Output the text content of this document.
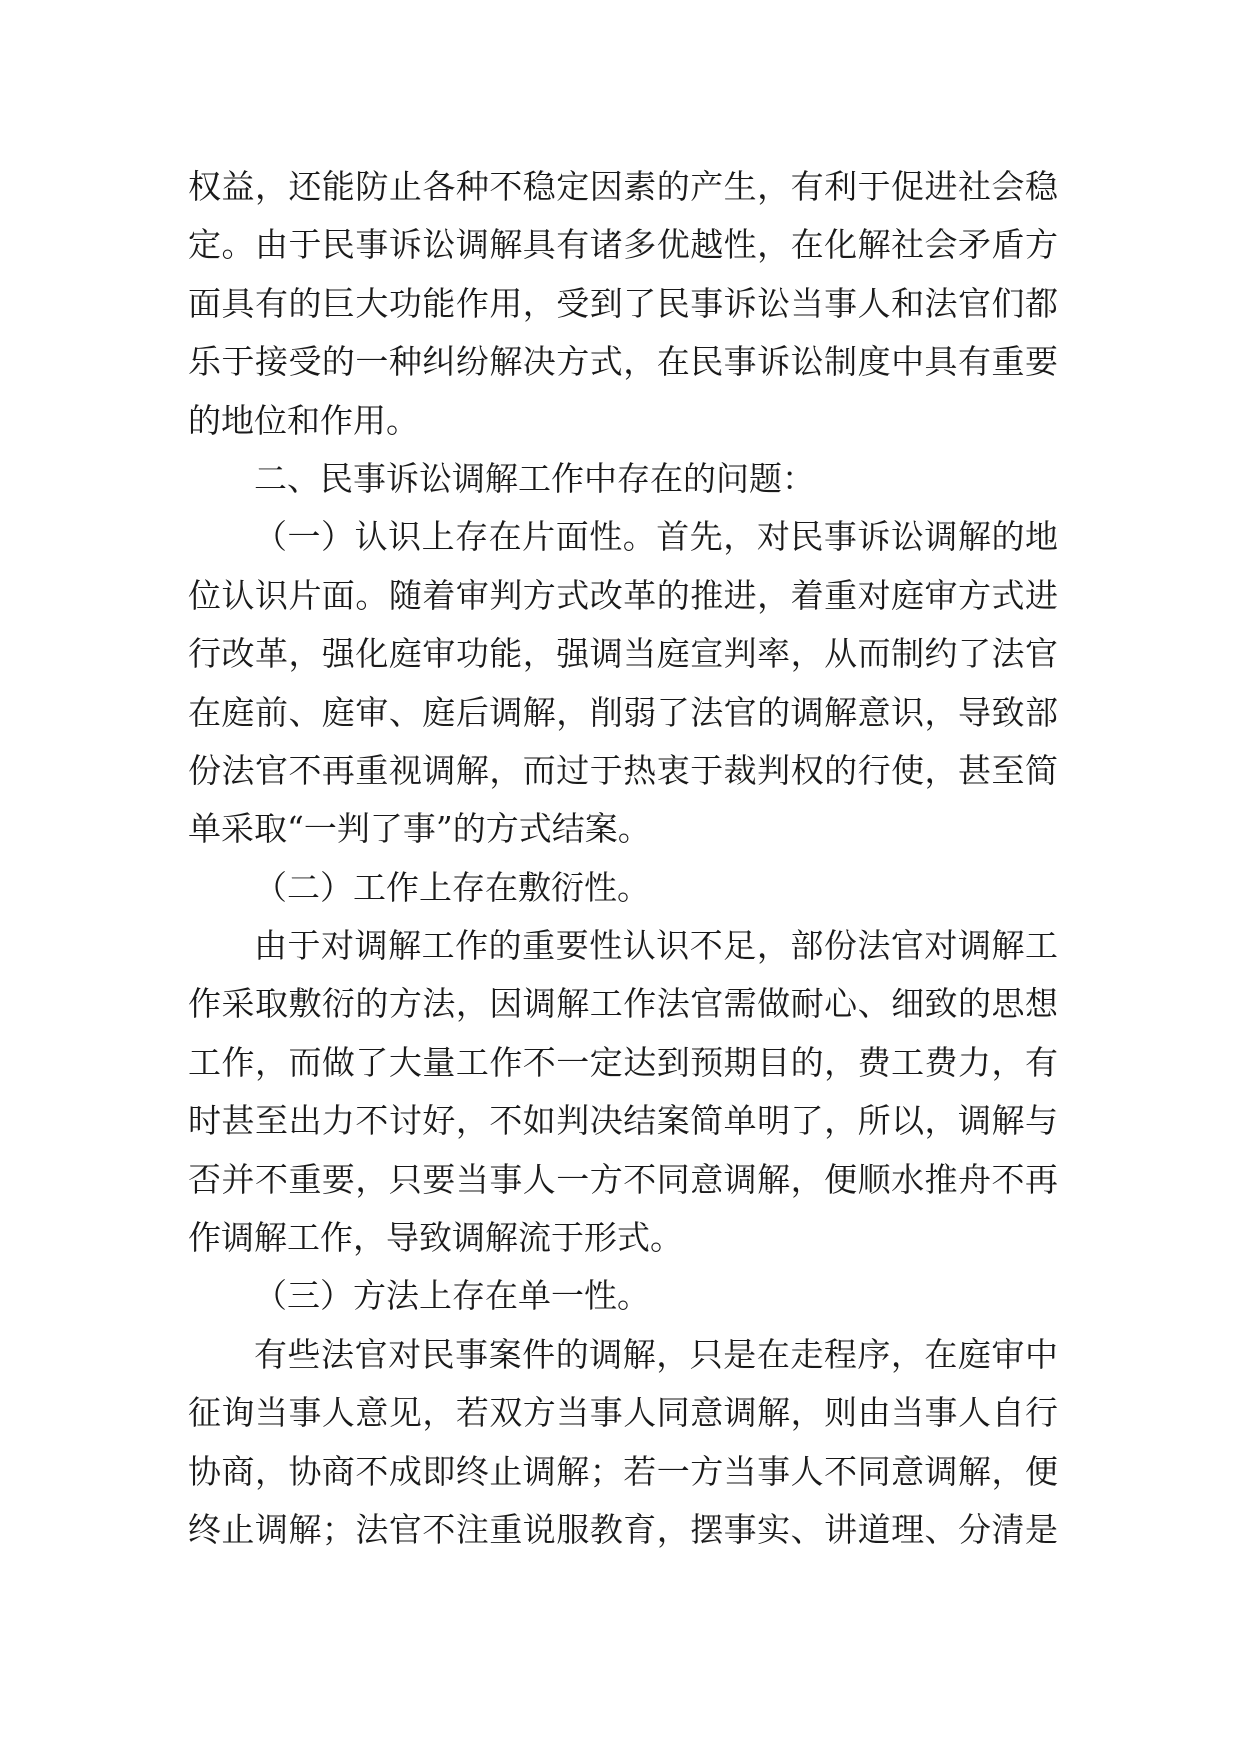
权益，还能防止各种不稳定因素的产生，有利于促进社会稳
定。由于民事诉讼调解具有诸多优越性，在化解社会矛盾方
面具有的巨大功能作用，受到了民事诉讼当事人和法官们都
乐于接受的一种纠纷解决方式，在民事诉讼制度中具有重要
的地位和作用。
二、民事诉讼调解工作中存在的问题：
（一）认识上存在片面性。首先，对民事诉讼调解的地
位认识片面。随着审判方式改革的推进，着重对庭审方式进
行改革，强化庭审功能，强调当庭宣判率，从而制约了法官
在庭前、庭审、庭后调解，削弱了法官的调解意识，导致部
份法官不再重视调解，而过于热衷于裁判权的行使，甚至简
单采取“一判了事”的方式结案。
（二）工作上存在敷衍性。
由于对调解工作的重要性认识不足，部份法官对调解工
作采取敷衍的方法，因调解工作法官需做耐心、细致的思想
工作，而做了大量工作不一定达到预期目的，费工费力，有
时甚至出力不讨好，不如判决结案简单明了，所以，调解与
否并不重要，只要当事人一方不同意调解，便顺水推舟不再
作调解工作，导致调解流于形式。
（三）方法上存在单一性。
有些法官对民事案件的调解，只是在走程序，在庭审中
征询当事人意见，若双方当事人同意调解，则由当事人自行
协商，协商不成即终止调解；若一方当事人不同意调解，便
终止调解；法官不注重说服教育，摆事实、讲道理、分清是
